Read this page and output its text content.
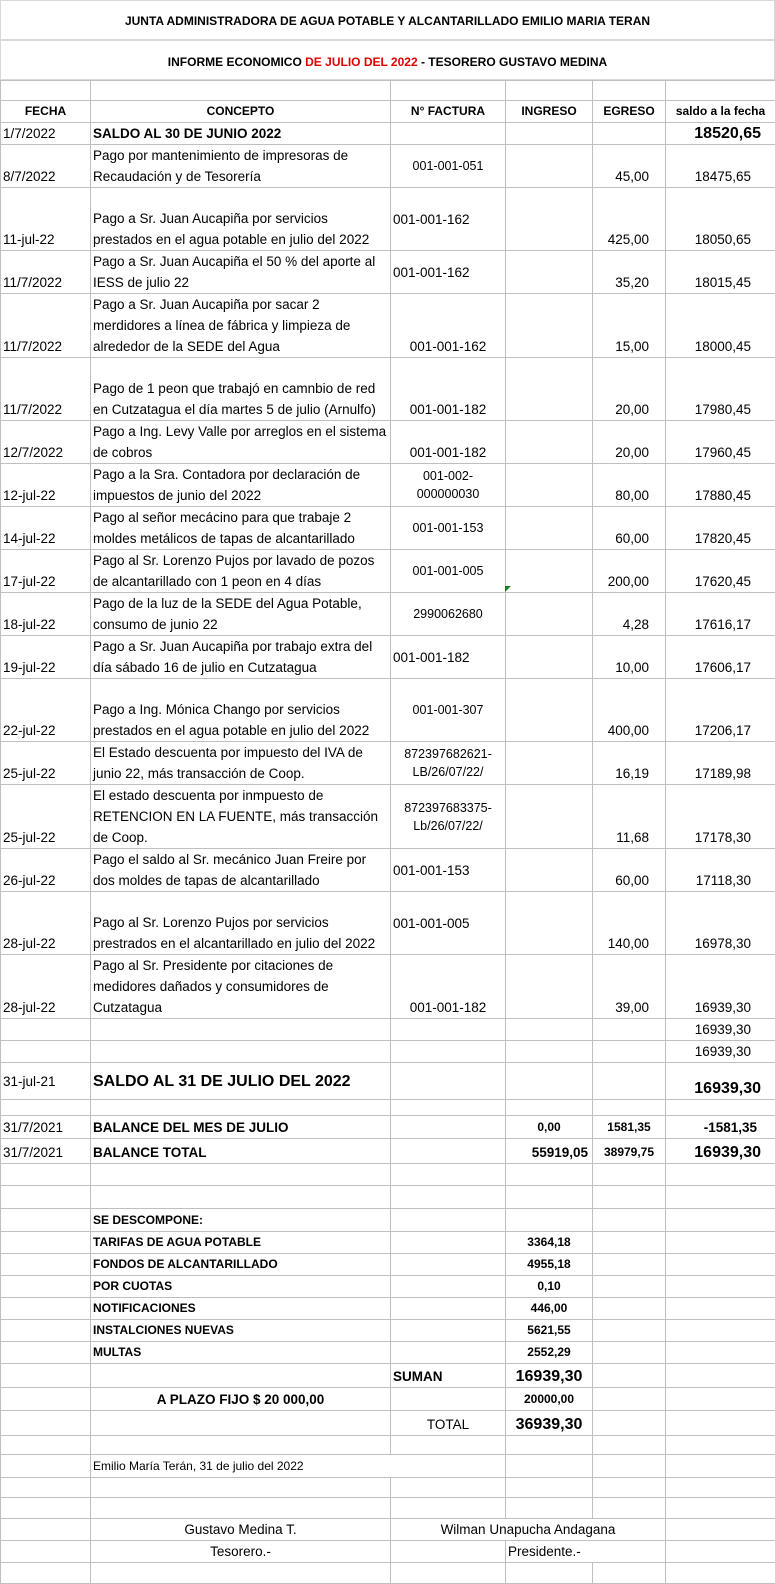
JUNTA ADMINISTRADORA DE AGUA POTABLE Y ALCANTARILLADO EMILIO MARIA TERAN
INFORME ECONOMICO DE JULIO DEL 2022 - TESORERO GUSTAVO MEDINA

FECHA	CONCEPTO	N° FACTURA	INGRESO	EGRESO	saldo a la fecha
1/7/2022	SALDO AL 30 DE JUNIO 2022				18520,65
8/7/2022	Pago por mantenimiento de impresoras de Recaudación y de Tesorería	001-001-051		45,00	18475,65
11-jul-22	Pago a Sr. Juan Aucapiña por servicios prestados en el agua potable en julio del 2022	001-001-162		425,00	18050,65
11/7/2022	Pago a Sr. Juan Aucapiña el 50 % del aporte al IESS de julio 22	001-001-162		35,20	18015,45
11/7/2022	Pago a Sr. Juan Aucapiña por sacar 2 merdidores a línea de fábrica y limpieza de alrededor de la SEDE del Agua	001-001-162		15,00	18000,45
11/7/2022	Pago de 1 peon que trabajó en camnbio de red en Cutzatagua el día martes 5 de julio (Arnulfo)	001-001-182		20,00	17980,45
12/7/2022	Pago a Ing. Levy Valle por arreglos en el sistema de cobros	001-001-182		20,00	17960,45
12-jul-22	Pago a la Sra. Contadora por declaración de impuestos de junio del 2022	001-002-000000030		80,00	17880,45
14-jul-22	Pago al señor mecácino para que trabaje 2 moldes metálicos de tapas de alcantarillado	001-001-153		60,00	17820,45
17-jul-22	Pago al Sr. Lorenzo Pujos por lavado de pozos de alcantarillado con 1 peon en 4 días	001-001-005		200,00	17620,45
18-jul-22	Pago de la luz de la SEDE del Agua Potable, consumo de junio 22	2990062680		4,28	17616,17
19-jul-22	Pago a Sr. Juan Aucapiña por trabajo extra del día sábado 16 de julio en Cutzatagua	001-001-182		10,00	17606,17
22-jul-22	Pago a Ing. Mónica Chango por servicios prestados en el agua potable en julio del 2022	001-001-307		400,00	17206,17
25-jul-22	El Estado descuenta por impuesto del IVA de junio 22, más transacción de Coop.	872397682621-LB/26/07/22/		16,19	17189,98
25-jul-22	El estado descuenta por inmpuesto de RETENCION EN LA FUENTE, más transacción de Coop.	872397683375-Lb/26/07/22/		11,68	17178,30
26-jul-22	Pago el saldo al Sr. mecánico Juan Freire por dos moldes de tapas de alcantarillado	001-001-153		60,00	17118,30
28-jul-22	Pago al Sr. Lorenzo Pujos por servicios prestrados en el alcantarillado en julio del 2022	001-001-005		140,00	16978,30
28-jul-22	Pago al Sr. Presidente por citaciones de medidores dañados y consumidores de Cutzatagua	001-001-182		39,00	16939,30
					16939,30
					16939,30
31-jul-21	SALDO AL 31 DE JULIO DEL 2022				16939,30

31/7/2021	BALANCE DEL MES DE JULIO		0,00	1581,35	-1581,35
31/7/2021	BALANCE TOTAL		55919,05	38979,75	16939,30

	SE DESCOMPONE:				
	TARIFAS DE AGUA POTABLE		3364,18		
	FONDOS DE ALCANTARILLADO		4955,18		
	POR CUOTAS		0,10		
	NOTIFICACIONES		446,00		
	INSTALCIONES NUEVAS		5621,55		
	MULTAS		2552,29		
		SUMAN	16939,30		
	A PLAZO FIJO $ 20 000,00		20000,00		
		TOTAL	36939,30		

	Emilio María Terán, 31 de julio del 2022				

	Gustavo Medina T.	Wilman Unapucha Andagana			
	Tesorero.-		Presidente.-		
